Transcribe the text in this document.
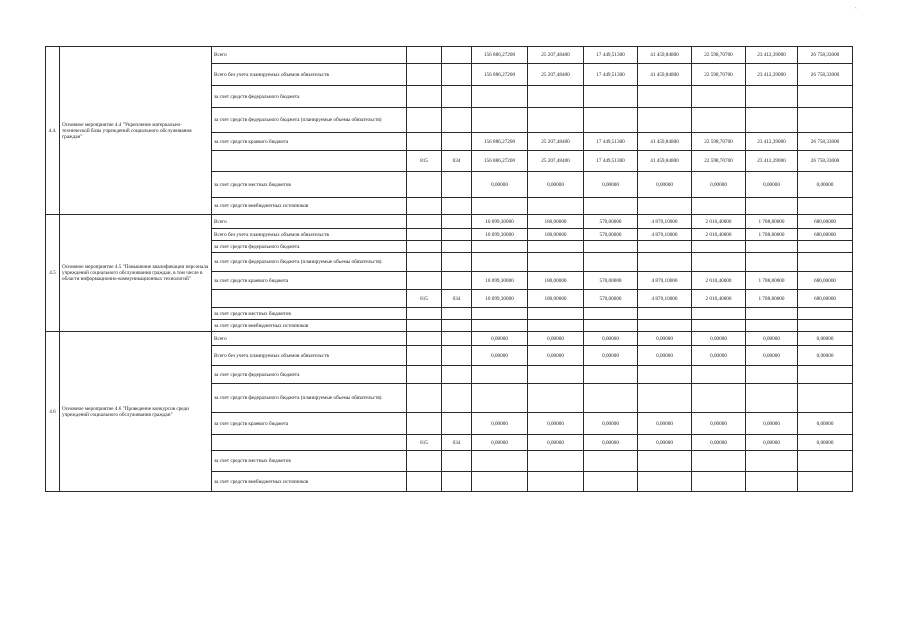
`
4.4.	Основное мероприятие 4.4 "Укрепление материально-технической базы учреждений социального обслуживания граждан"	Всего			156 886,27200	25 207,48400	17 449,51300	41 459,84800	22 598,70700	23 412,39000	26 758,33000
		Всего без учета планируемых объемов обязательств			156 886,27200	25 207,48400	17 449,51300	41 459,84800	22 598,70700	23 412,39000	26 758,33000
		за счет средств федерального бюджета									
		за счет средств федерального бюджета (планируемые объемы обязательств)									
		за счет средств краевого бюджета			156 886,27200	25 207,48400	17 449,51300	41 459,84800	22 598,70700	23 412,39000	26 758,33000
			815	034	156 886,27200	25 207,48400	17 449,51300	41 459,84800	22 598,70700	23 412,39000	26 758,33000
		за счет средств местных бюджетов			0,00000	0,00000	0,00000	0,00000	0,00000	0,00000	0,00000
		за счет средств внебюджетных источников									
4.5	Основное мероприятие 4.5 "Повышение квалификации персонала учреждений социального обслуживания граждан, в том числе в области информационно-коммуникационных технологий"	Всего			10 099,30000	180,00000	570,00000	4 870,10000	2 010,40000	1 788,80000	680,00000
		Всего без учета планируемых объемов обязательств			10 099,30000	180,00000	570,00000	4 870,10000	2 010,40000	1 788,80000	680,00000
		за счет средств федерального бюджета									
		за счет средств федерального бюджета (планируемые объемы обязательств)									
		за счет средств краевого бюджета			10 099,30000	180,00000	570,00000	4 870,10000	2 010,40000	1 788,80000	680,00000
			815	034	10 099,30000	180,00000	570,00000	4 870,10000	2 010,40000	1 788,80000	680,00000
		за счет средств местных бюджетов									
		за счет средств внебюджетных источников									
4.6	Основное мероприятие 4.6 "Проведение конкурсов среди учреждений социального обслуживания граждан"	Всего			0,00000	0,00000	0,00000	0,00000	0,00000	0,00000	0,00000
		Всего без учета планируемых объемов обязательств			0,00000	0,00000	0,00000	0,00000	0,00000	0,00000	0,00000
		за счет средств федерального бюджета									
		за счет средств федерального бюджета (планируемые объемы обязательств)									
		за счет средств краевого бюджета			0,00000	0,00000	0,00000	0,00000	0,00000	0,00000	0,00000
			815	034	0,00000	0,00000	0,00000	0,00000	0,00000	0,00000	0,00000
		за счет средств местных бюджетов									
		за счет средств внебюджетных источников									
